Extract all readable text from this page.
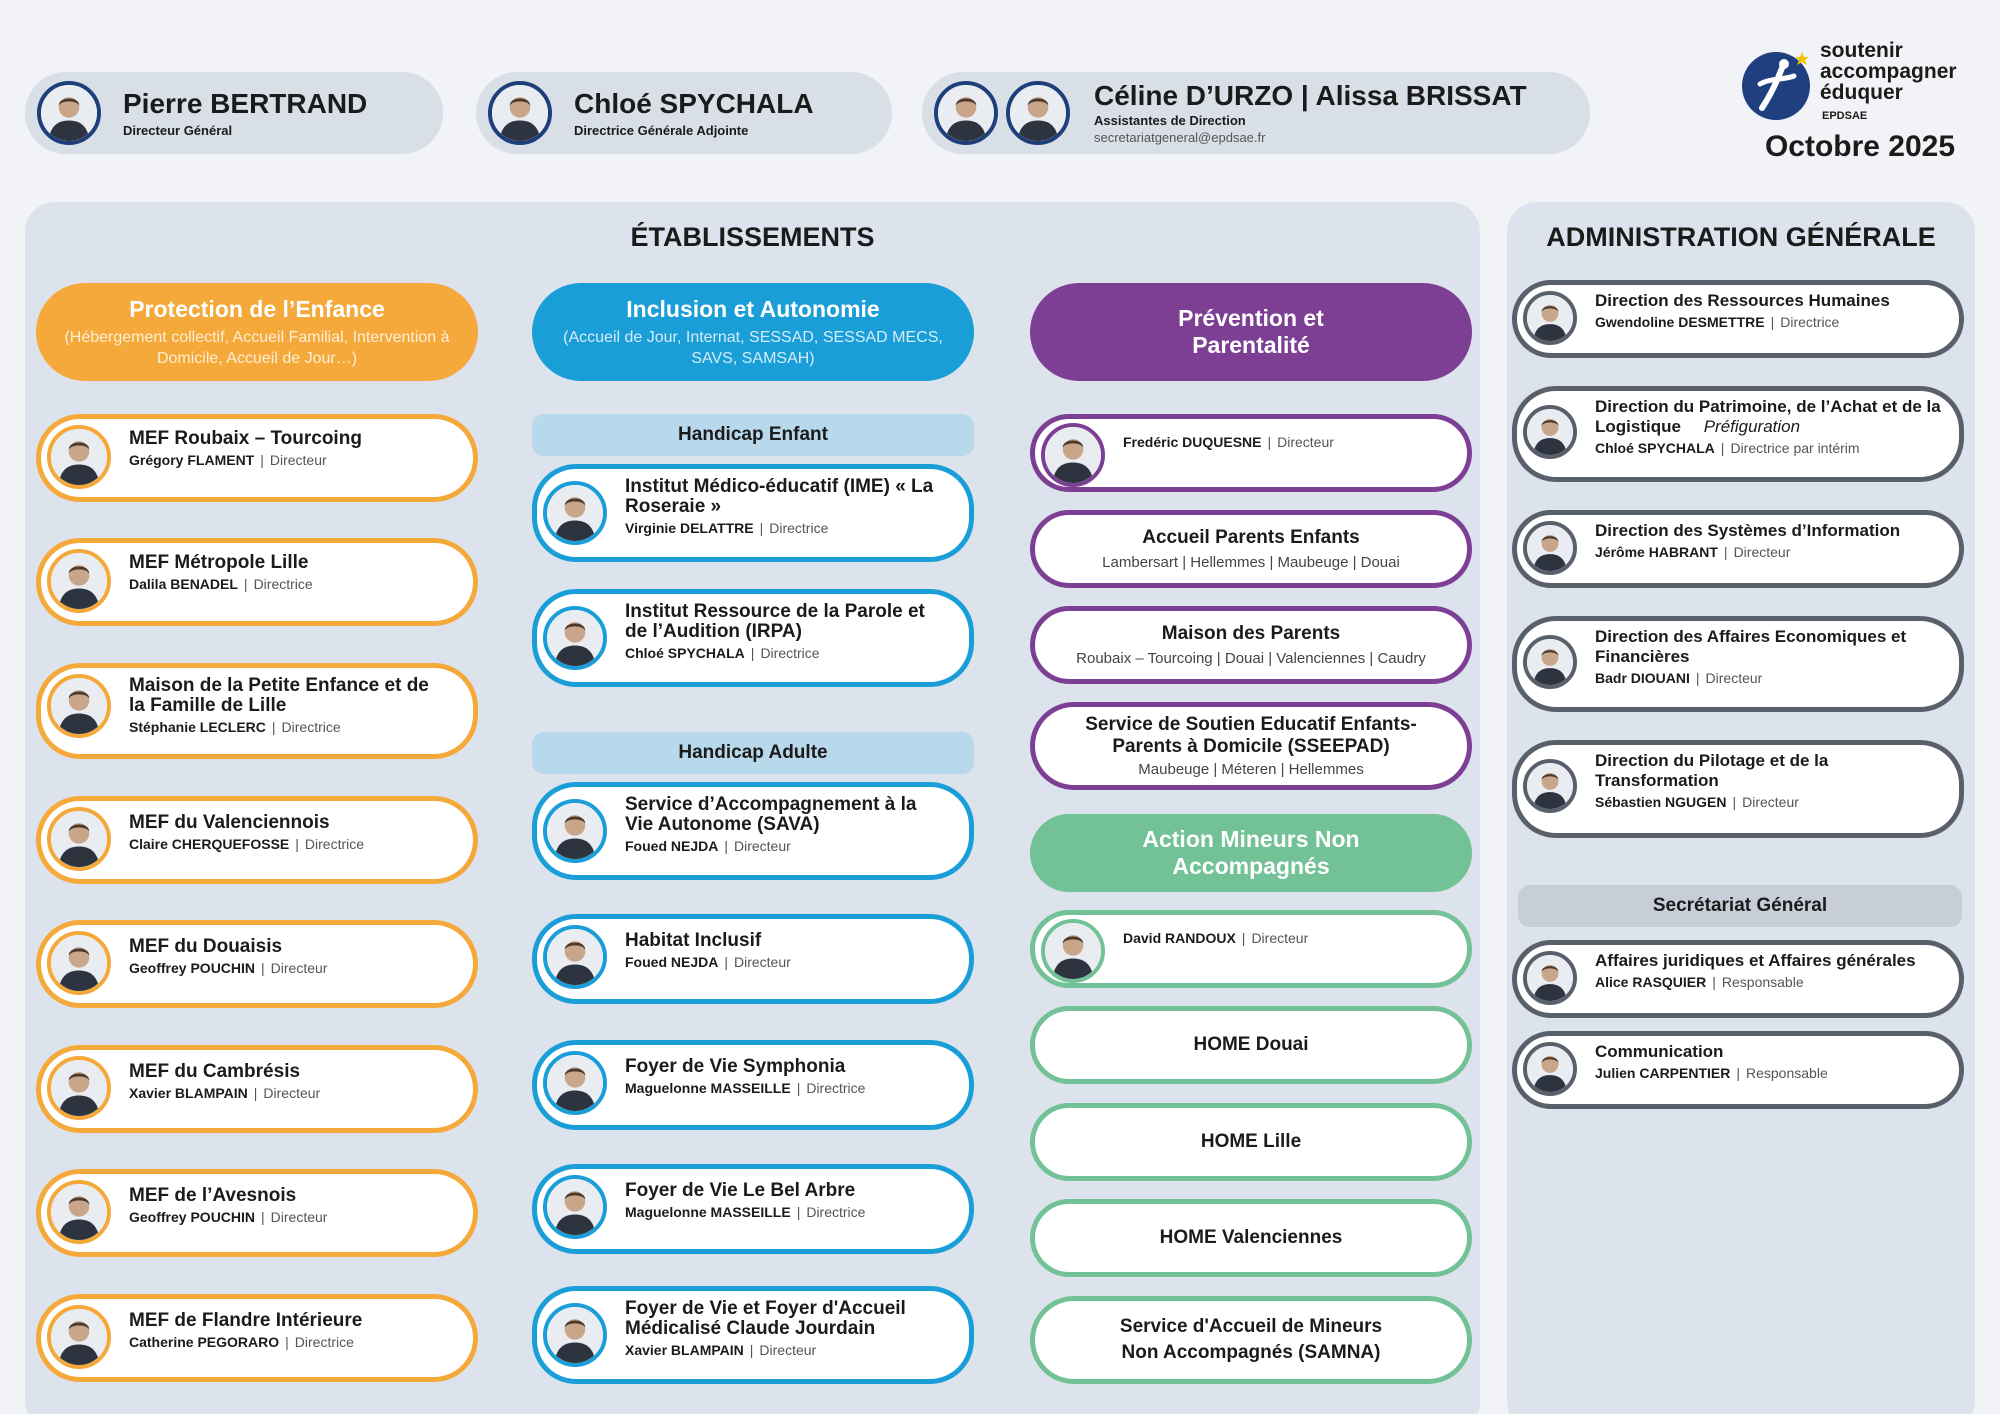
Pierre BERTRAND
Directeur Général
Chloé SPYCHALA
Directrice Générale Adjointe
Céline D’URZO | Alissa BRISSAT
Assistantes de Direction
secretariatgeneral@epdsae.fr
soutenir
accompagner
éduquer
EPDSAE
Octobre 2025
ÉTABLISSEMENTS
Protection de l’Enfance
(Hébergement collectif, Accueil Familial, Intervention à Domicile, Accueil de Jour…)
MEF Roubaix – Tourcoing
Grégory FLAMENT | Directeur
MEF Métropole Lille
Dalila BENADEL | Directrice
Maison de la Petite Enfance et de la Famille de Lille
Stéphanie LECLERC | Directrice
MEF du Valenciennois
Claire CHERQUEFOSSE | Directrice
MEF du Douaisis
Geoffrey POUCHIN | Directeur
MEF du Cambrésis
Xavier BLAMPAIN | Directeur
MEF de l’Avesnois
Geoffrey POUCHIN | Directeur
MEF de Flandre Intérieure
Catherine PEGORARO | Directrice
Inclusion et Autonomie
(Accueil de Jour, Internat, SESSAD, SESSAD MECS, SAVS, SAMSAH)
Handicap Enfant
Institut Médico-éducatif (IME) « La Roseraie »
Virginie DELATTRE | Directrice
Institut Ressource de la Parole et de l’Audition (IRPA)
Chloé SPYCHALA | Directrice
Handicap Adulte
Service d’Accompagnement à la Vie Autonome (SAVA)
Foued NEJDA | Directeur
Habitat Inclusif
Foued NEJDA | Directeur
Foyer de Vie Symphonia
Maguelonne MASSEILLE | Directrice
Foyer de Vie Le Bel Arbre
Maguelonne MASSEILLE | Directrice
Foyer de Vie et Foyer d'Accueil Médicalisé Claude Jourdain
Xavier BLAMPAIN | Directeur
Prévention et Parentalité
Fredéric DUQUESNE | Directeur
Accueil Parents Enfants
Lambersart | Hellemmes | Maubeuge | Douai
Maison des Parents
Roubaix – Tourcoing | Douai | Valenciennes | Caudry
Service de Soutien Educatif Enfants-Parents à Domicile (SSEEPAD)
Maubeuge | Méteren | Hellemmes
Action Mineurs Non Accompagnés
David RANDOUX | Directeur
HOME Douai
HOME Lille
HOME Valenciennes
Service d'Accueil de Mineurs Non Accompagnés (SAMNA)
ADMINISTRATION GÉNÉRALE
Direction des Ressources Humaines
Gwendoline DESMETTRE | Directrice
Direction du Patrimoine, de l’Achat et de la Logistique Préfiguration
Chloé SPYCHALA | Directrice par intérim
Direction des Systèmes d’Information
Jérôme HABRANT | Directeur
Direction des Affaires Economiques et Financières
Badr DIOUANI | Directeur
Direction du Pilotage et de la Transformation
Sébastien NGUGEN | Directeur
Secrétariat Général
Affaires juridiques et Affaires générales
Alice RASQUIER | Responsable
Communication
Julien CARPENTIER | Responsable
